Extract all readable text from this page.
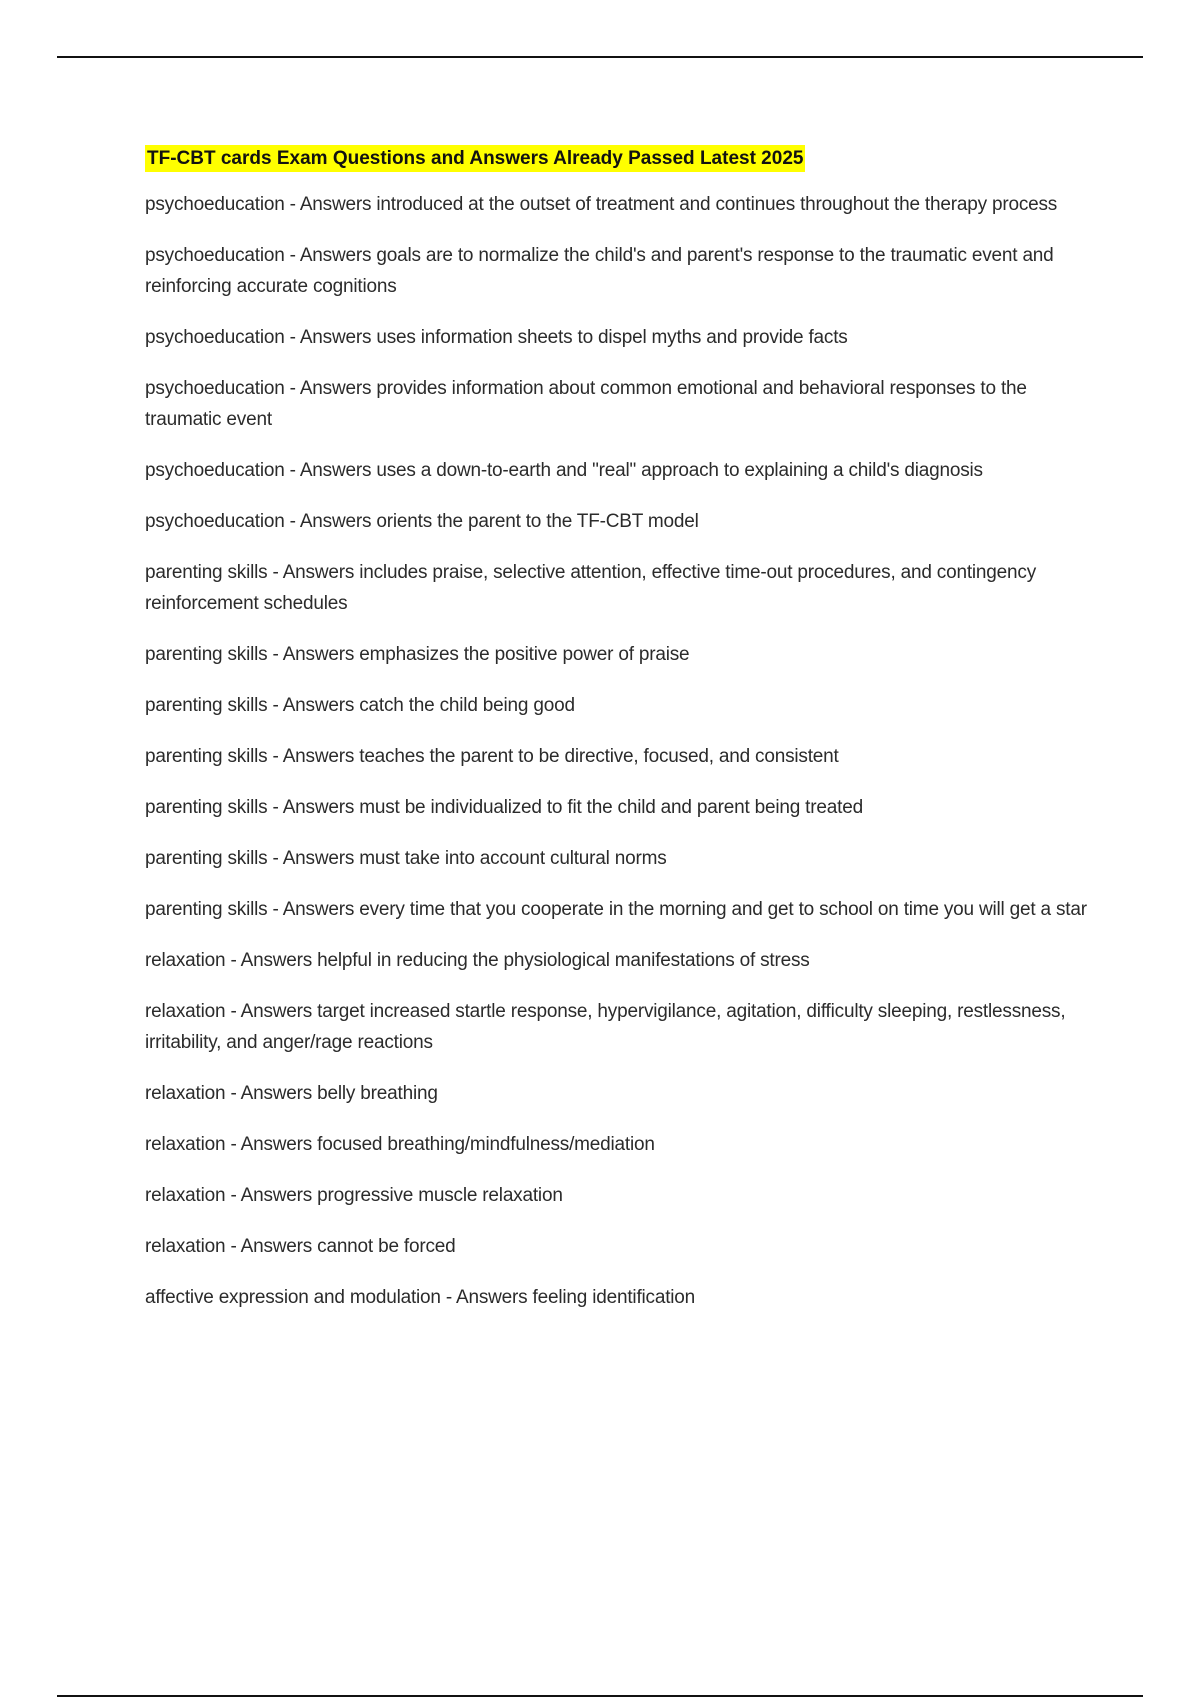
TF-CBT cards Exam Questions and Answers Already Passed Latest 2025
psychoeducation - Answers introduced at the outset of treatment and continues throughout the therapy process
psychoeducation - Answers goals are to normalize the child's and parent's response to the traumatic event and reinforcing accurate cognitions
psychoeducation - Answers uses information sheets to dispel myths and provide facts
psychoeducation - Answers provides information about common emotional and behavioral responses to the traumatic event
psychoeducation - Answers uses a down-to-earth and "real" approach to explaining a child's diagnosis
psychoeducation - Answers orients the parent to the TF-CBT model
parenting skills - Answers includes praise, selective attention, effective time-out procedures, and contingency reinforcement schedules
parenting skills - Answers emphasizes the positive power of praise
parenting skills - Answers catch the child being good
parenting skills - Answers teaches the parent to be directive, focused, and consistent
parenting skills - Answers must be individualized to fit the child and parent being treated
parenting skills - Answers must take into account cultural norms
parenting skills - Answers every time that you cooperate in the morning and get to school on time you will get a star
relaxation - Answers helpful in reducing the physiological manifestations of stress
relaxation - Answers target increased startle response, hypervigilance, agitation, difficulty sleeping, restlessness, irritability, and anger/rage reactions
relaxation - Answers belly breathing
relaxation - Answers focused breathing/mindfulness/mediation
relaxation - Answers progressive muscle relaxation
relaxation - Answers cannot be forced
affective expression and modulation - Answers feeling identification
